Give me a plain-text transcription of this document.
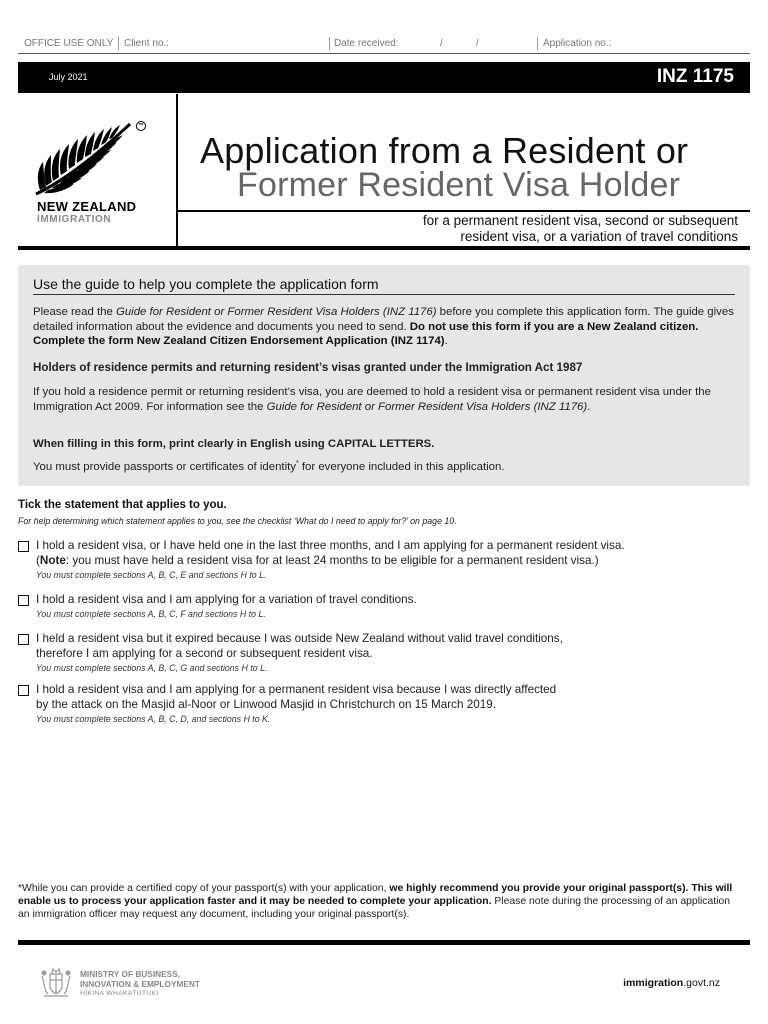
OFFICE USE ONLY Client no.:	Date received:	/	/	Application no.:
July 2021	INZ 1175
™
NEW ZEALAND
IMMIGRATION
Application from a Resident or
Former Resident Visa Holder
for a permanent resident visa, second or subsequent
resident visa, or a variation of travel conditions
Use the guide to help you complete the application form
Please read the Guide for Resident or Former Resident Visa Holders (INZ 1176) before you complete this application form. The guide gives detailed information about the evidence and documents you need to send. Do not use this form if you are a New Zealand citizen. Complete the form New Zealand Citizen Endorsement Application (INZ 1174).
Holders of residence permits and returning resident’s visas granted under the Immigration Act 1987
If you hold a residence permit or returning resident’s visa, you are deemed to hold a resident visa or permanent resident visa under the Immigration Act 2009. For information see the Guide for Resident or Former Resident Visa Holders (INZ 1176).
When filling in this form, print clearly in English using CAPITAL LETTERS.
You must provide passports or certificates of identity* for everyone included in this application.
Tick the statement that applies to you.
For help determining which statement applies to you, see the checklist ‘What do I need to apply for?’ on page 10.
I hold a resident visa, or I have held one in the last three months, and I am applying for a permanent resident visa.
(Note: you must have held a resident visa for at least 24 months to be eligible for a permanent resident visa.)
You must complete sections A, B, C, E and sections H to L.
I hold a resident visa and I am applying for a variation of travel conditions.
You must complete sections A, B, C, F and sections H to L.
I held a resident visa but it expired because I was outside New Zealand without valid travel conditions,
therefore I am applying for a second or subsequent resident visa.
You must complete sections A, B, C, G and sections H to L.
I hold a resident visa and I am applying for a permanent resident visa because I was directly affected
by the attack on the Masjid al-Noor or Linwood Masjid in Christchurch on 15 March 2019.
You must complete sections A, B, C, D, and sections H to K.
*While you can provide a certified copy of your passport(s) with your application, we highly recommend you provide your original passport(s). This will enable us to process your application faster and it may be needed to complete your application. Please note during the processing of an application an immigration officer may request any document, including your original passport(s).
MINISTRY OF BUSINESS,
INNOVATION & EMPLOYMENT
HĪKINA WHAKATUTUKI
immigration.govt.nz
